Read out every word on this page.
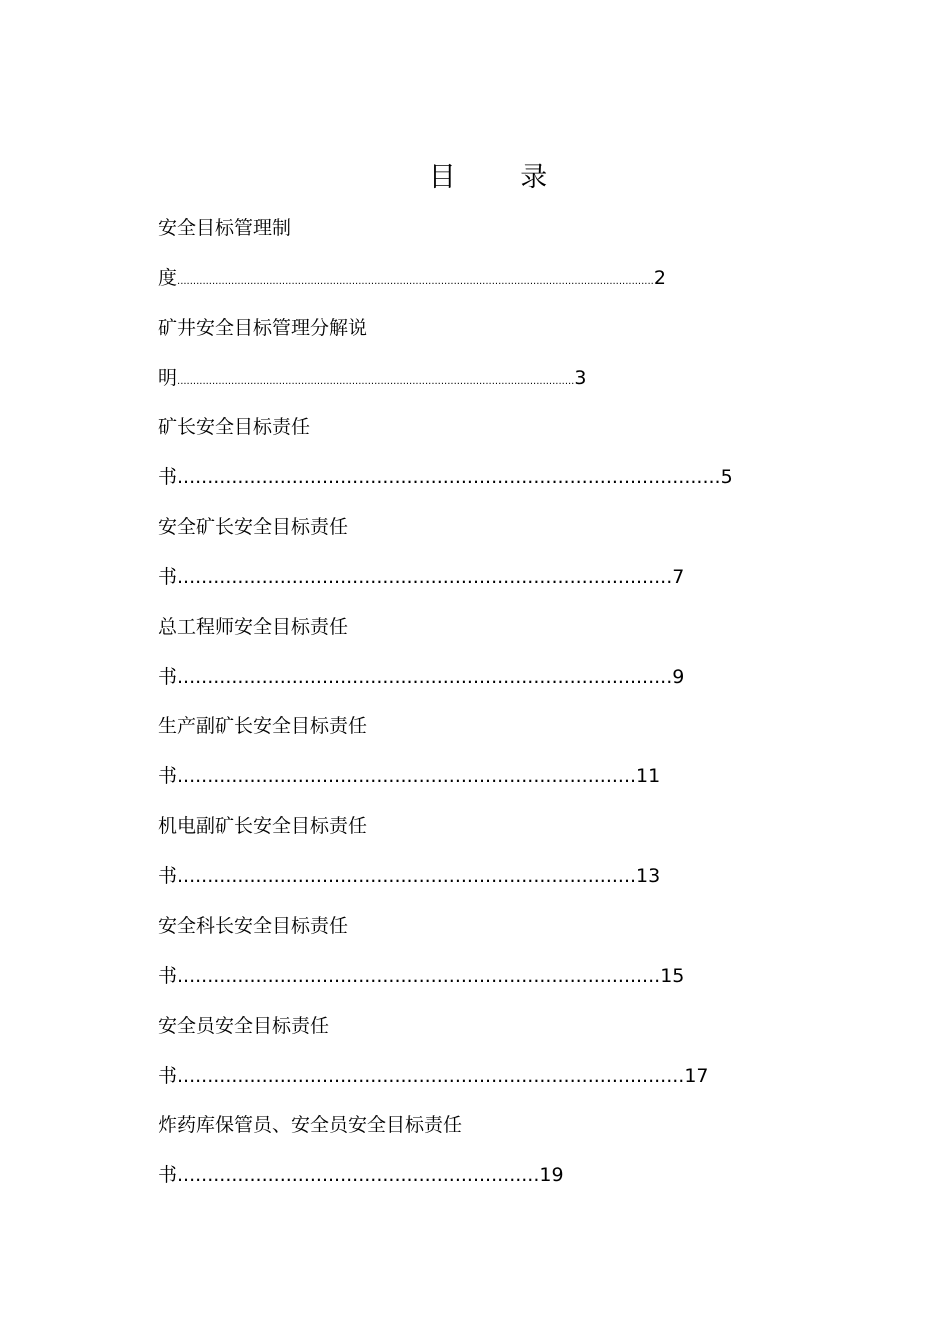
目 录
安全目标管理制
度......................................................................................................................................................2
矿井安全目标管理分解说
明.............................................................................................................................3
矿长安全目标责任
书..........................................................................................5
安全矿长安全目标责任
书..................................................................................7
总工程师安全目标责任
书..................................................................................9
生产副矿长安全目标责任
书............................................................................11
机电副矿长安全目标责任
书............................................................................13
安全科长安全目标责任
书................................................................................15
安全员安全目标责任
书....................................................................................17
炸药库保管员、安全员安全目标责任
书............................................................19
